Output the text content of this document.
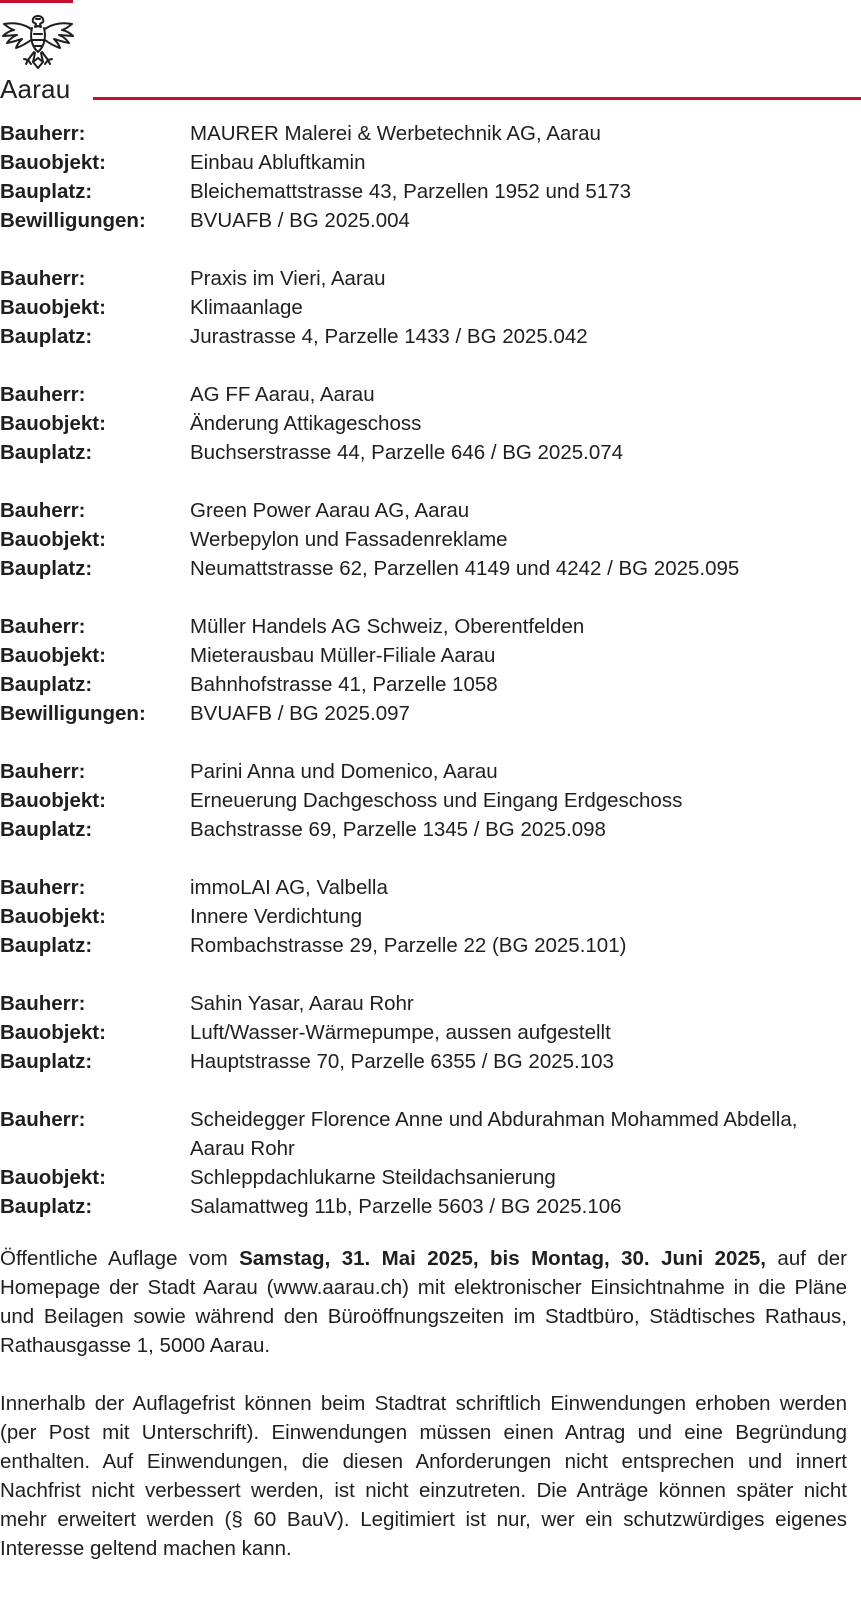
Aarau
Bauherr:	MAURER Malerei & Werbetechnik AG, Aarau
Bauobjekt:	Einbau Abluftkamin
Bauplatz:	Bleichemattstrasse 43, Parzellen 1952 und 5173
Bewilligungen:	BVUAFB / BG 2025.004
Bauherr:	Praxis im Vieri, Aarau
Bauobjekt:	Klimaanlage
Bauplatz:	Jurastrasse 4, Parzelle 1433 / BG 2025.042
Bauherr:	AG FF Aarau, Aarau
Bauobjekt:	Änderung Attikageschoss
Bauplatz:	Buchserstrasse 44, Parzelle 646 / BG 2025.074
Bauherr:	Green Power Aarau AG, Aarau
Bauobjekt:	Werbepylon und Fassadenreklame
Bauplatz:	Neumattstrasse 62, Parzellen 4149 und 4242 / BG 2025.095
Bauherr:	Müller Handels AG Schweiz, Oberentfelden
Bauobjekt:	Mieterausbau Müller-Filiale Aarau
Bauplatz:	Bahnhofstrasse 41, Parzelle 1058
Bewilligungen:	BVUAFB / BG 2025.097
Bauherr:	Parini Anna und Domenico, Aarau
Bauobjekt:	Erneuerung Dachgeschoss und Eingang Erdgeschoss
Bauplatz:	Bachstrasse 69, Parzelle 1345 / BG 2025.098
Bauherr:	immoLAI AG, Valbella
Bauobjekt:	Innere Verdichtung
Bauplatz:	Rombachstrasse 29, Parzelle 22 (BG 2025.101)
Bauherr:	Sahin Yasar, Aarau Rohr
Bauobjekt:	Luft/Wasser-Wärmepumpe, aussen aufgestellt
Bauplatz:	Hauptstrasse 70, Parzelle 6355 / BG 2025.103
Bauherr:	Scheidegger Florence Anne und Abdurahman Mohammed Abdella, Aarau Rohr
Bauobjekt:	Schleppdachlukarne Steildachsanierung
Bauplatz:	Salamattweg 11b, Parzelle 5603 / BG 2025.106

Öffentliche Auflage vom Samstag, 31. Mai 2025, bis Montag, 30. Juni 2025, auf der Homepage der Stadt Aarau (www.aarau.ch) mit elektronischer Einsichtnahme in die Pläne und Beilagen sowie während den Büroöffnungszeiten im Stadtbüro, Städtisches Rathaus, Rathausgasse 1, 5000 Aarau.

Innerhalb der Auflagefrist können beim Stadtrat schriftlich Einwendungen erhoben werden (per Post mit Unterschrift). Einwendungen müssen einen Antrag und eine Begründung enthalten. Auf Einwendungen, die diesen Anforderungen nicht entsprechen und innert Nachfrist nicht verbessert werden, ist nicht einzutreten. Die Anträge können später nicht mehr erweitert werden (§ 60 BauV). Legitimiert ist nur, wer ein schutzwürdiges eigenes Interesse geltend machen kann.
